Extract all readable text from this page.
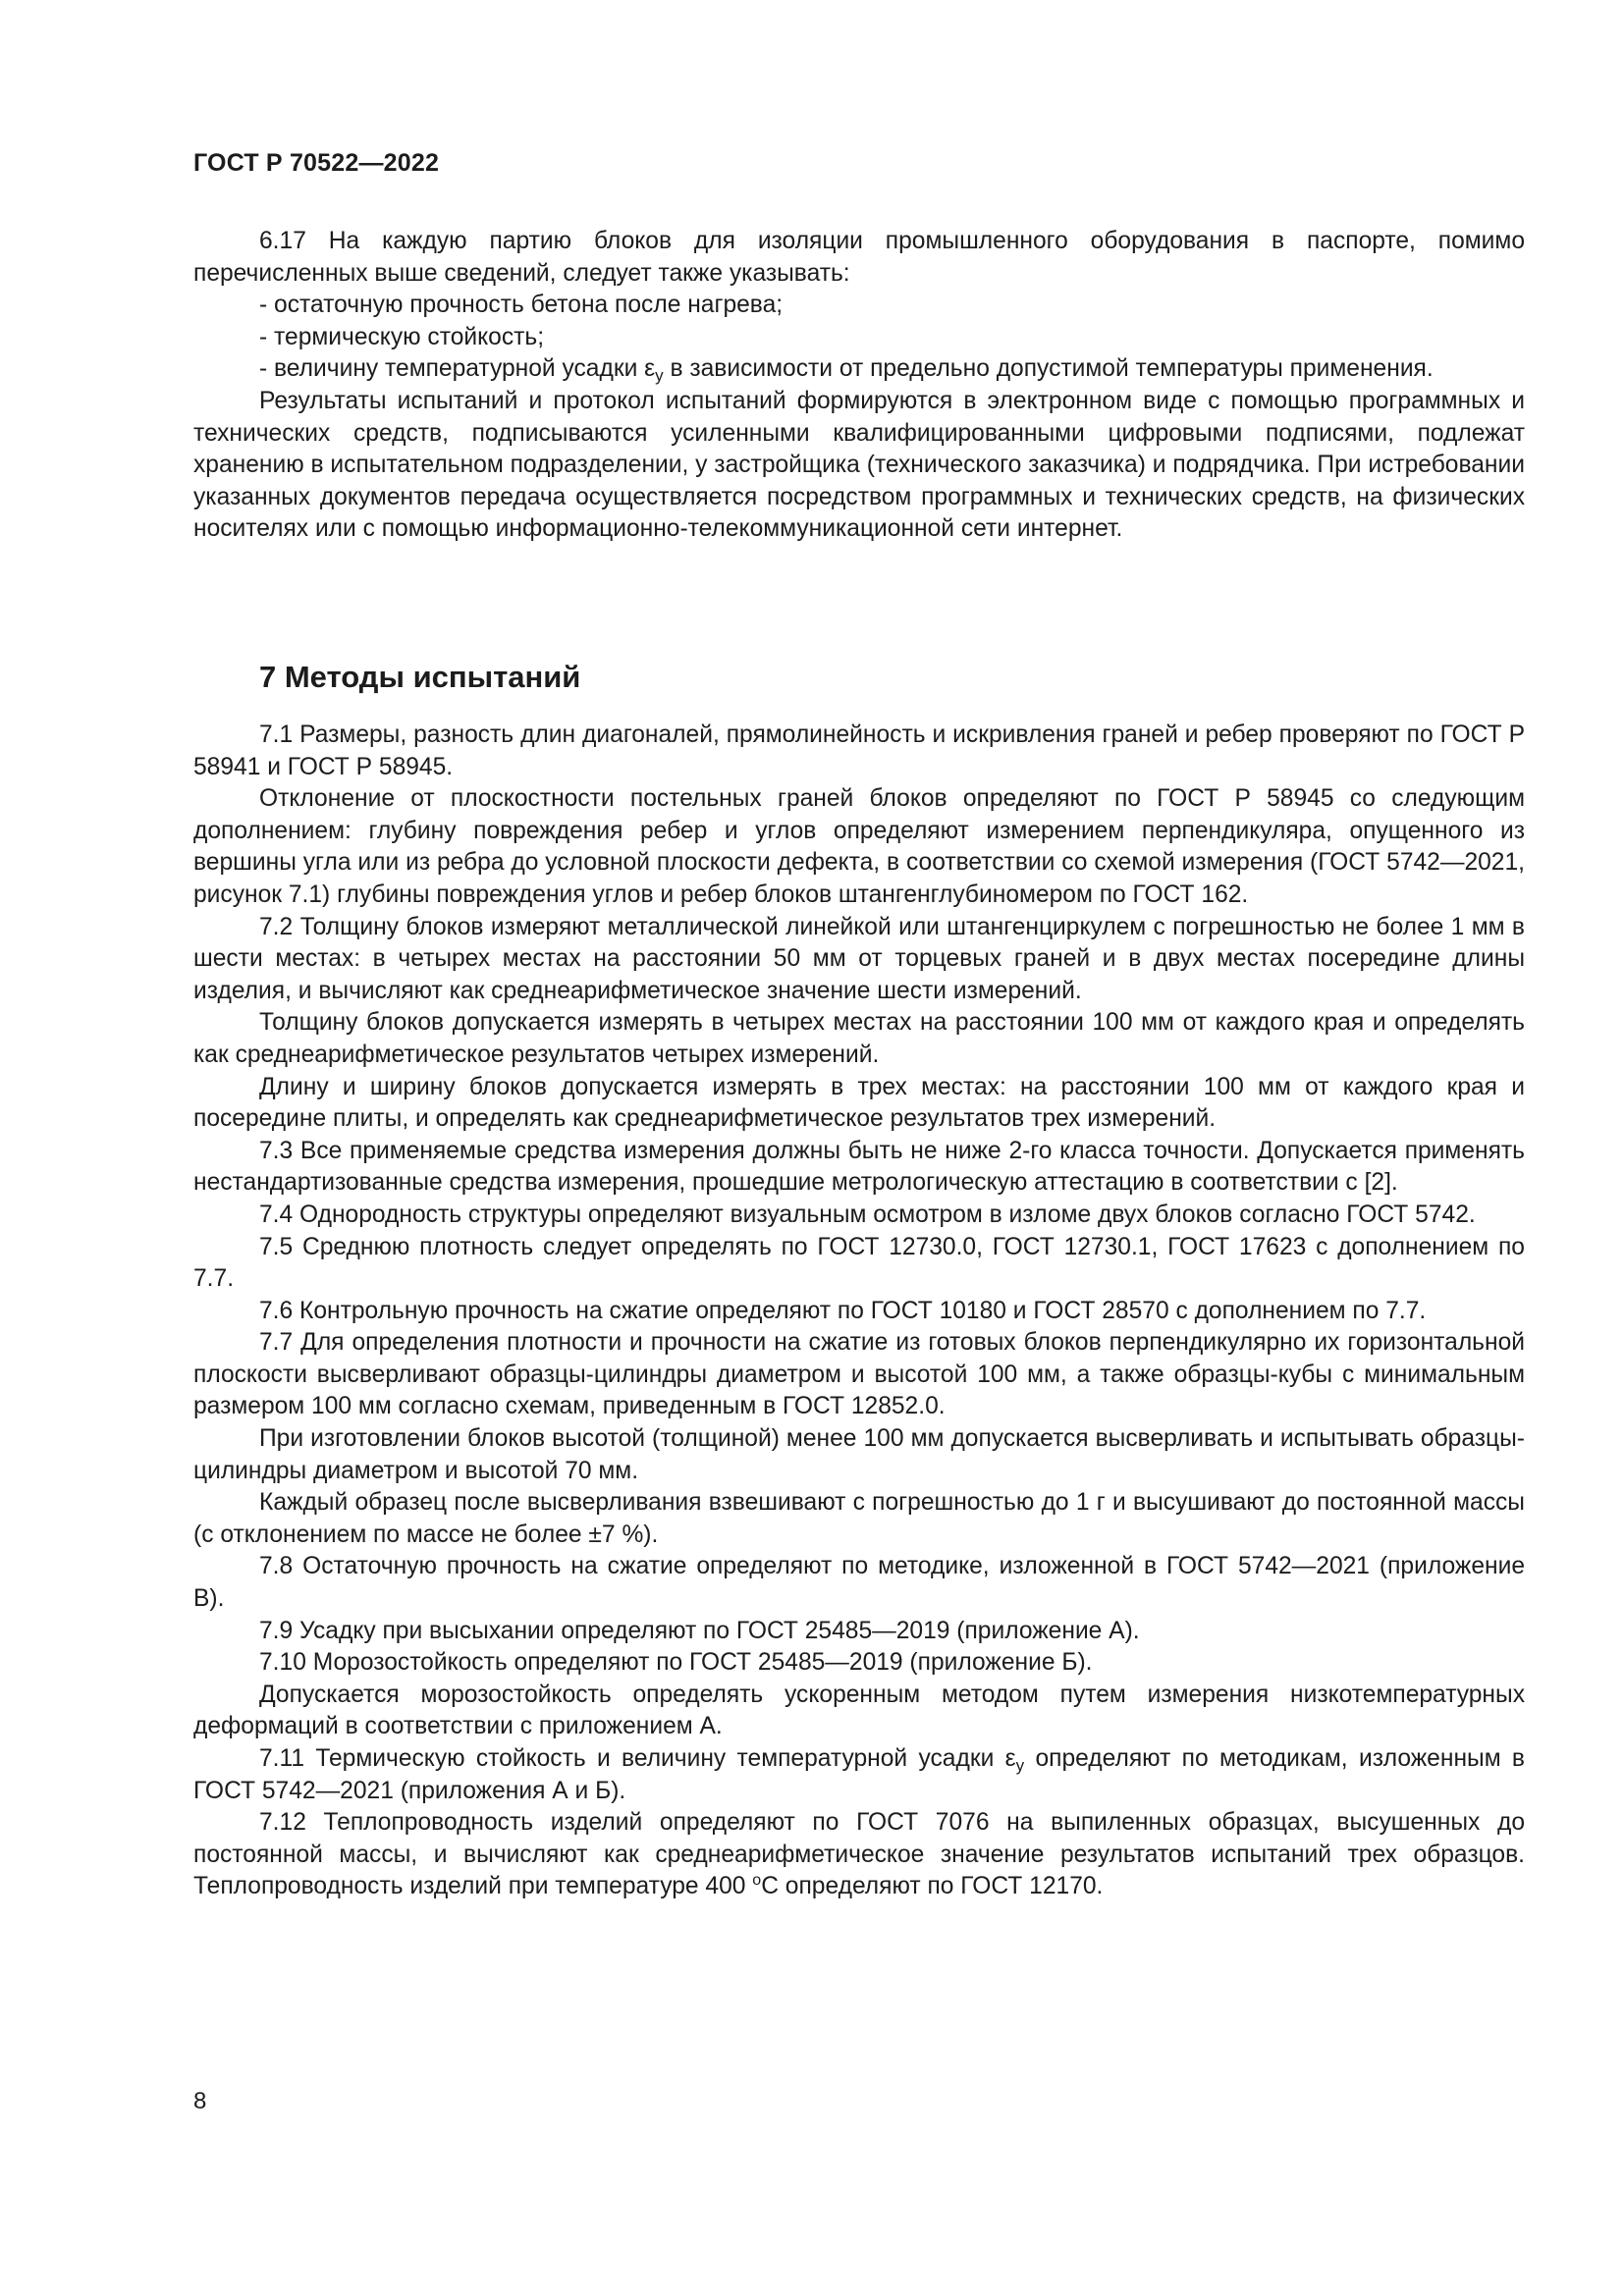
ГОСТ Р 70522—2022

6.17 На каждую партию блоков для изоляции промышленного оборудования в паспорте, помимо перечисленных выше сведений, следует также указывать:

- остаточную прочность бетона после нагрева;

- термическую стойкость;

- величину температурной усадки $\varepsilon_y$ в зависимости от предельно допустимой температуры применения.

Результаты испытаний и протокол испытаний формируются в электронном виде с помощью программных и технических средств, подписываются усиленными квалифицированными цифровыми подписями, подлежат хранению в испытательном подразделении, у застройщика (технического заказчика) и подрядчика. При истребовании указанных документов передача осуществляется посредством программных и технических средств, на физических носителях или с помощью информационно-телекоммуникационной сети интернет.

7 Методы испытаний

7.1 Размеры, разность длин диагоналей, прямолинейность и искривления граней и ребер проверяют по ГОСТ Р 58941 и ГОСТ Р 58945.

Отклонение от плоскостности постельных граней блоков определяют по ГОСТ Р 58945 со следующим дополнением: глубину повреждения ребер и углов определяют измерением перпендикуляра, опущенного из вершины угла или из ребра до условной плоскости дефекта, в соответствии со схемой измерения (ГОСТ 5742—2021, рисунок 7.1) глубины повреждения углов и ребер блоков штангенглубиномером по ГОСТ 162.

7.2 Толщину блоков измеряют металлической линейкой или штангенциркулем с погрешностью не более 1 мм в шести местах: в четырех местах на расстоянии 50 мм от торцевых граней и в двух местах посередине длины изделия, и вычисляют как среднеарифметическое значение шести измерений.

Толщину блоков допускается измерять в четырех местах на расстоянии 100 мм от каждого края и определять как среднеарифметическое результатов четырех измерений.

Длину и ширину блоков допускается измерять в трех местах: на расстоянии 100 мм от каждого края и посередине плиты, и определять как среднеарифметическое результатов трех измерений.

7.3 Все применяемые средства измерения должны быть не ниже 2-го класса точности. Допускается применять нестандартизованные средства измерения, прошедшие метрологическую аттестацию в соответствии с [2].

7.4 Однородность структуры определяют визуальным осмотром в изломе двух блоков согласно ГОСТ 5742.

7.5 Среднюю плотность следует определять по ГОСТ 12730.0, ГОСТ 12730.1, ГОСТ 17623 с дополнением по 7.7.

7.6 Контрольную прочность на сжатие определяют по ГОСТ 10180 и ГОСТ 28570 с дополнением по 7.7.

7.7 Для определения плотности и прочности на сжатие из готовых блоков перпендикулярно их горизонтальной плоскости высверливают образцы-цилиндры диаметром и высотой 100 мм, а также образцы-кубы с минимальным размером 100 мм согласно схемам, приведенным в ГОСТ 12852.0.

При изготовлении блоков высотой (толщиной) менее 100 мм допускается высверливать и испытывать образцы-цилиндры диаметром и высотой 70 мм.

Каждый образец после высверливания взвешивают с погрешностью до 1 г и высушивают до постоянной массы (с отклонением по массе не более ±7 %).

7.8 Остаточную прочность на сжатие определяют по методике, изложенной в ГОСТ 5742—2021 (приложение В).

7.9 Усадку при высыхании определяют по ГОСТ 25485—2019 (приложение А).

7.10 Морозостойкость определяют по ГОСТ 25485—2019 (приложение Б).

Допускается морозостойкость определять ускоренным методом путем измерения низкотемпературных деформаций в соответствии с приложением А.

7.11 Термическую стойкость и величину температурной усадки $\varepsilon_y$ определяют по методикам, изложенным в ГОСТ 5742—2021 (приложения А и Б).

7.12 Теплопроводность изделий определяют по ГОСТ 7076 на выпиленных образцах, высушенных до постоянной массы, и вычисляют как среднеарифметическое значение результатов испытаний трех образцов. Теплопроводность изделий при температуре 400 $^о$С определяют по ГОСТ 12170.

8
